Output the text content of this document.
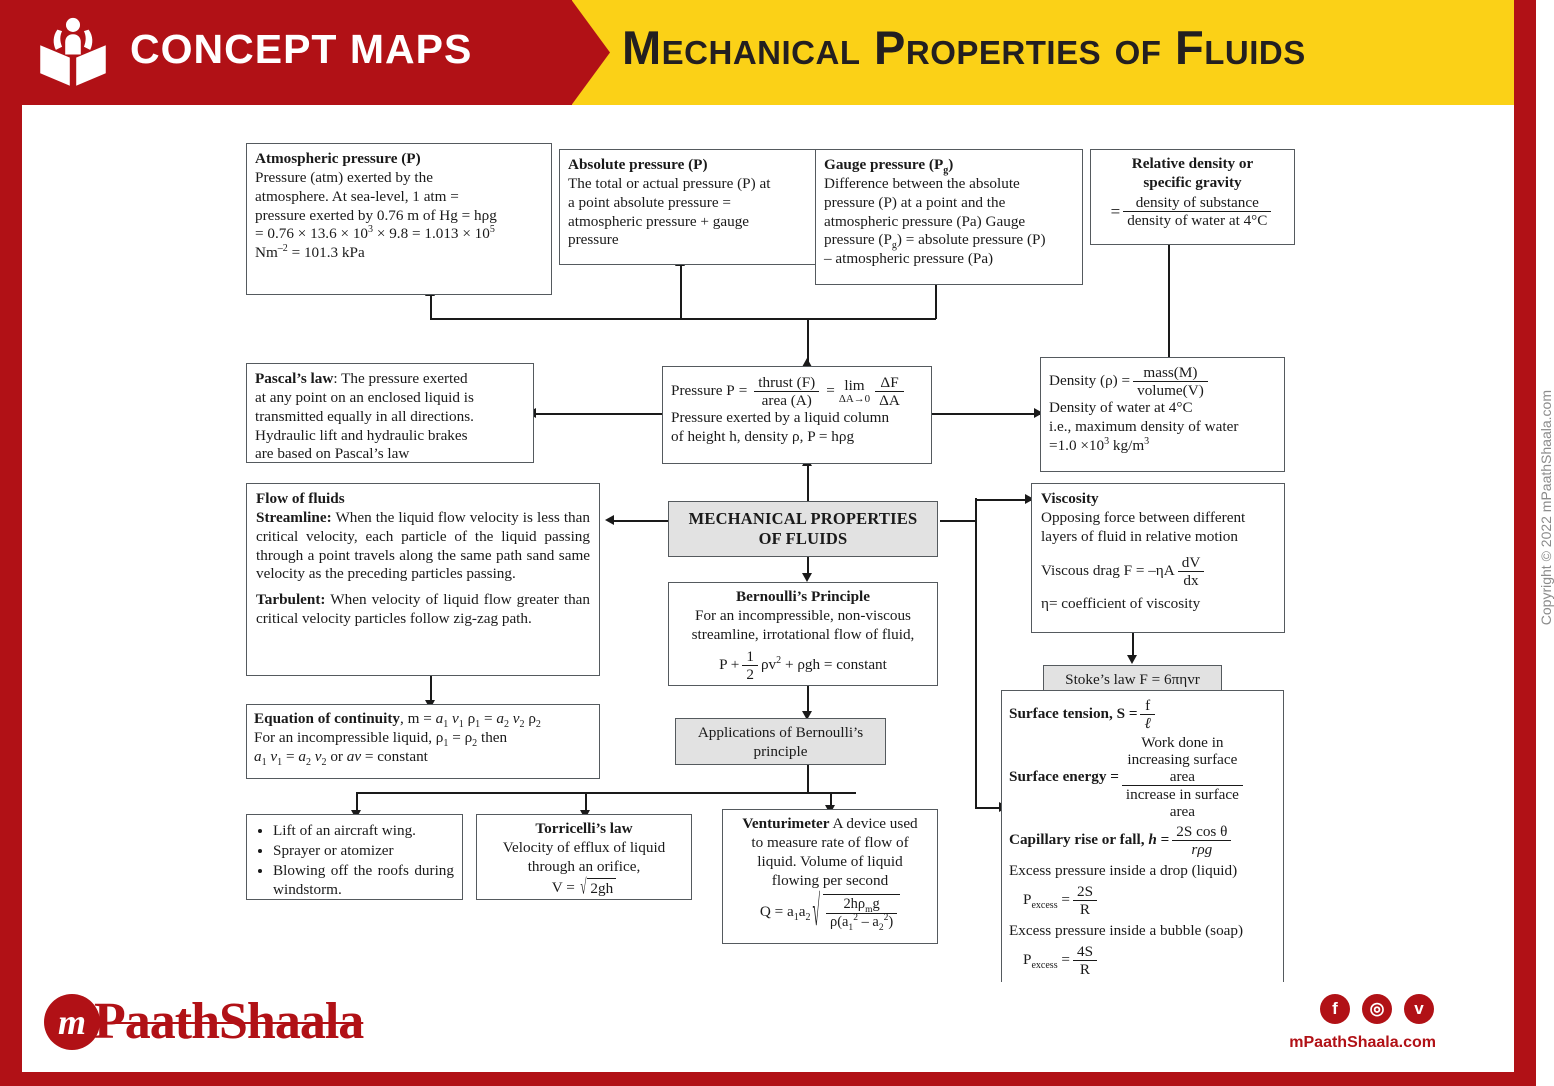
CONCEPT MAPS	Mechanical Properties of Fluids
Atmospheric pressure (P)
Pressure (atm) exerted by the
atmosphere. At sea-level, 1 atm =
pressure exerted by 0.76 m of Hg = hρg
= $0.76 \times 13.6 \times 10^3 \times 9.8 = 1.013 \times 10^5$
$Nm^{-2} = 101.3$ kPa
Absolute pressure (P)
The total or actual pressure (P) at
a point absolute pressure =
atmospheric pressure + gauge
pressure
Gauge pressure $(P_g)$
Difference between the absolute
pressure (P) at a point and the
atmospheric pressure (Pa) Gauge
pressure $(P_g)$ = absolute pressure (P)
– atmospheric pressure (Pa)
Relative density or
specific gravity
= $\frac{\text{density of substance}}{\text{density of water at 4°C}}$
Pascal’s law: The pressure exerted
at any point on an enclosed liquid is
transmitted equally in all directions.
Hydraulic lift and hydraulic brakes
are based on Pascal’s law
Pressure $P = \frac{\text{thrust (F)}}{\text{area (A)}} = \lim$
$\Delta A\to 0 \frac{\Delta F}{\Delta A}$
Pressure exerted by a liquid column
of height h, density ρ, P = hρg
Density $(\rho) = \frac{\text{mass(M)}}{\text{volume(V)}}$
Density of water at 4°C
i.e., maximum density of water
$=1.0 \times 10^3$ $kg/m^3$
Flow of fluids
Streamline: When the liquid flow velocity is less than critical velocity, each particle of the liquid passing through a point travels along the same path sand same velocity as the preceding particles passing.
Tarbulent: When velocity of liquid flow greater than critical velocity particles follow zig-zag path.
MECHANICAL PROPERTIES
OF FLUIDS
Bernoulli’s Principle
For an incompressible, non-viscous
streamline, irrotational flow of fluid,
$P + \frac{1}{2} \rho v^2 + \rho gh$ = constant
Viscosity
Opposing force between different
layers of fluid in relative motion
Viscous drag $F = -\eta A \frac{dV}{dx}$
η= coefficient of viscosity
Stoke’s law F = 6πηvr
Equation of continuity, $m = a_1$ $v_1$ $\rho_1 = a_2$ $v_2$ $\rho_2$
For an incompressible liquid, $\rho_1 = \rho_2$ then
$a_1$ $v_1 = a_2$ $v_2$ or av = constant
Applications of Bernoulli’s
principle
• Lift of an aircraft wing.
• Sprayer or atomizer
• Blowing off the roofs during windstorm.
Torricelli’s law
Velocity of efflux of liquid
through an orifice,
V = √ 2gh
Venturimeter A device used
to measure rate of flow of
liquid. Volume of liquid
flowing per second
$Q = a_1a_2$ √ $\frac{2h\rho_mg}{\rho(a_1^2 - a_2^2)}$
Surface tension, $S = \frac{f}{\text{ℓ}}$
Surface energy = Work done in
increasing surface
area
increase in surface
area
Capillary rise or fall, $h = \frac{\text{2S cos θ}}{\text{rρg}}$
Excess pressure inside a drop (liquid)
$P_{excess} = \frac{2S}{R}$
Excess pressure inside a bubble (soap)
$P_{excess} = \frac{4S}{R}$
m PaathShaala	f	◎	ᴠ
mPaathShaala.com
Copyright © 2022 mPaathShaala.com
